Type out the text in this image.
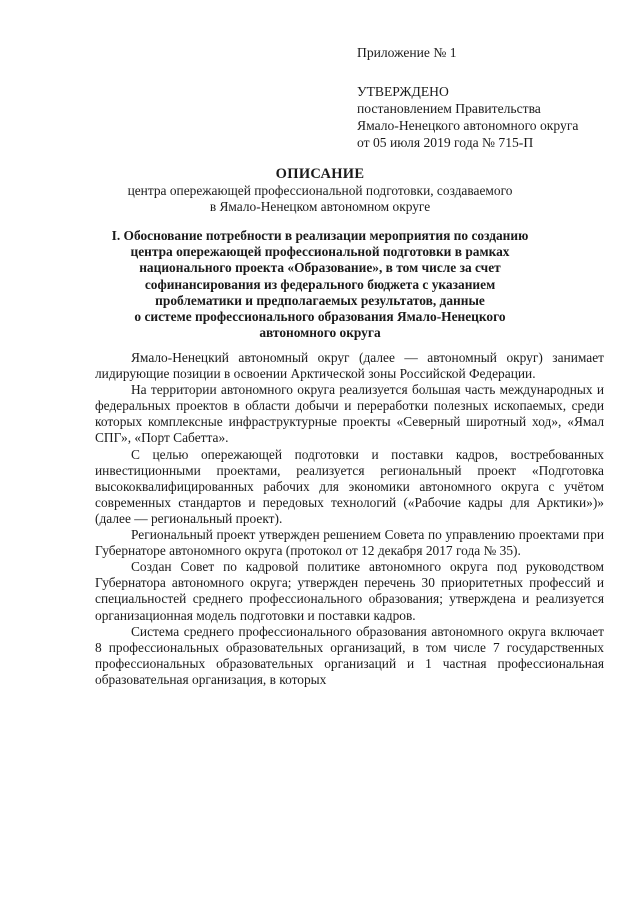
Приложение № 1
УТВЕРЖДЕНО
постановлением Правительства
Ямало-Ненецкого автономного округа
от 05 июля 2019 года № 715-П
ОПИСАНИЕ
центра опережающей профессиональной подготовки, создаваемого
в Ямало-Ненецком автономном округе
I. Обоснование потребности в реализации мероприятия по созданию
центра опережающей профессиональной подготовки в рамках
национального проекта «Образование», в том числе за счет
софинансирования из федерального бюджета с указанием
проблематики и предполагаемых результатов, данные
о системе профессионального образования Ямало-Ненецкого
автономного округа

Ямало-Ненецкий автономный округ (далее — автономный округ) занимает лидирующие позиции в освоении Арктической зоны Российской Федерации.

На территории автономного округа реализуется большая часть международных и федеральных проектов в области добычи и переработки полезных ископаемых, среди которых комплексные инфраструктурные проекты «Северный широтный ход», «Ямал СПГ», «Порт Сабетта».

С целью опережающей подготовки и поставки кадров, востребованных инвестиционными проектами, реализуется региональный проект «Подготовка высококвалифицированных рабочих для экономики автономного округа с учётом современных стандартов и передовых технологий («Рабочие кадры для Арктики»)» (далее — региональный проект).

Региональный проект утвержден решением Совета по управлению проектами при Губернаторе автономного округа (протокол от 12 декабря 2017 года № 35).

Создан Совет по кадровой политике автономного округа под руководством Губернатора автономного округа; утвержден перечень 30 приоритетных профессий и специальностей среднего профессионального образования; утверждена и реализуется организационная модель подготовки и поставки кадров.

Система среднего профессионального образования автономного округа включает 8 профессиональных образовательных организаций, в том числе 7 государственных профессиональных образовательных организаций и 1 частная профессиональная образовательная организация, в которых
